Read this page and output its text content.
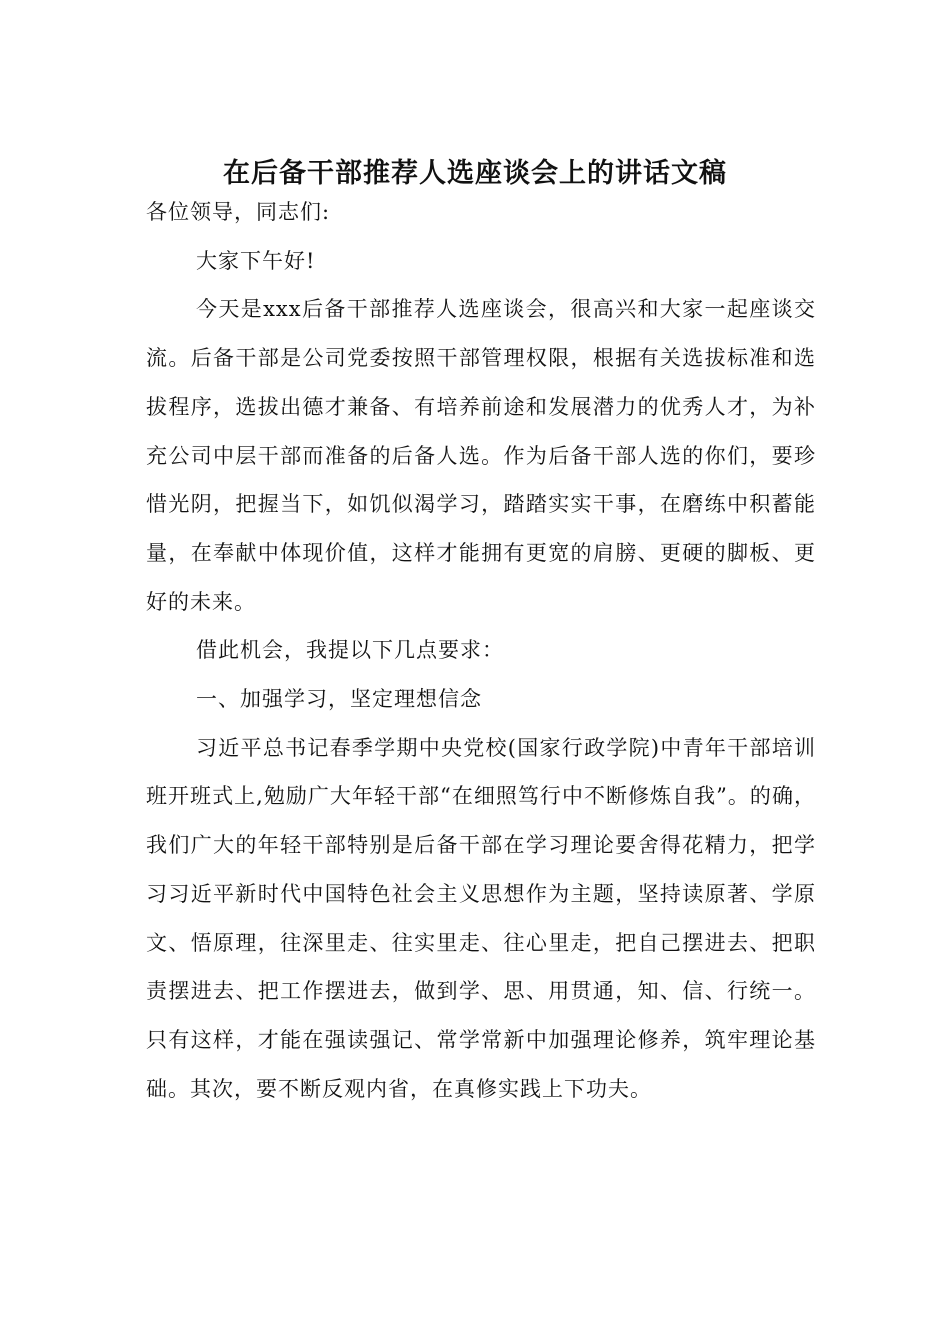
在后备干部推荐人选座谈会上的讲话文稿

各位领导，同志们:

大家下午好!

今天是xxx后备干部推荐人选座谈会，很高兴和大家一起座谈交流。后备干部是公司党委按照干部管理权限，根据有关选拔标准和选拔程序，选拔出德才兼备、有培养前途和发展潜力的优秀人才，为补充公司中层干部而准备的后备人选。作为后备干部人选的你们，要珍惜光阴，把握当下，如饥似渴学习，踏踏实实干事，在磨练中积蓄能量，在奉献中体现价值，这样才能拥有更宽的肩膀、更硬的脚板、更好的未来。

借此机会，我提以下几点要求：

一、加强学习，坚定理想信念

习近平总书记春季学期中央党校(国家行政学院)中青年干部培训班开班式上,勉励广大年轻干部“在细照笃行中不断修炼自我”。的确，我们广大的年轻干部特别是后备干部在学习理论要舍得花精力，把学习习近平新时代中国特色社会主义思想作为主题，坚持读原著、学原文、悟原理，往深里走、往实里走、往心里走，把自己摆进去、把职责摆进去、把工作摆进去，做到学、思、用贯通，知、信、行统一。只有这样，才能在强读强记、常学常新中加强理论修养，筑牢理论基础。其次，要不断反观内省，在真修实践上下功夫。
